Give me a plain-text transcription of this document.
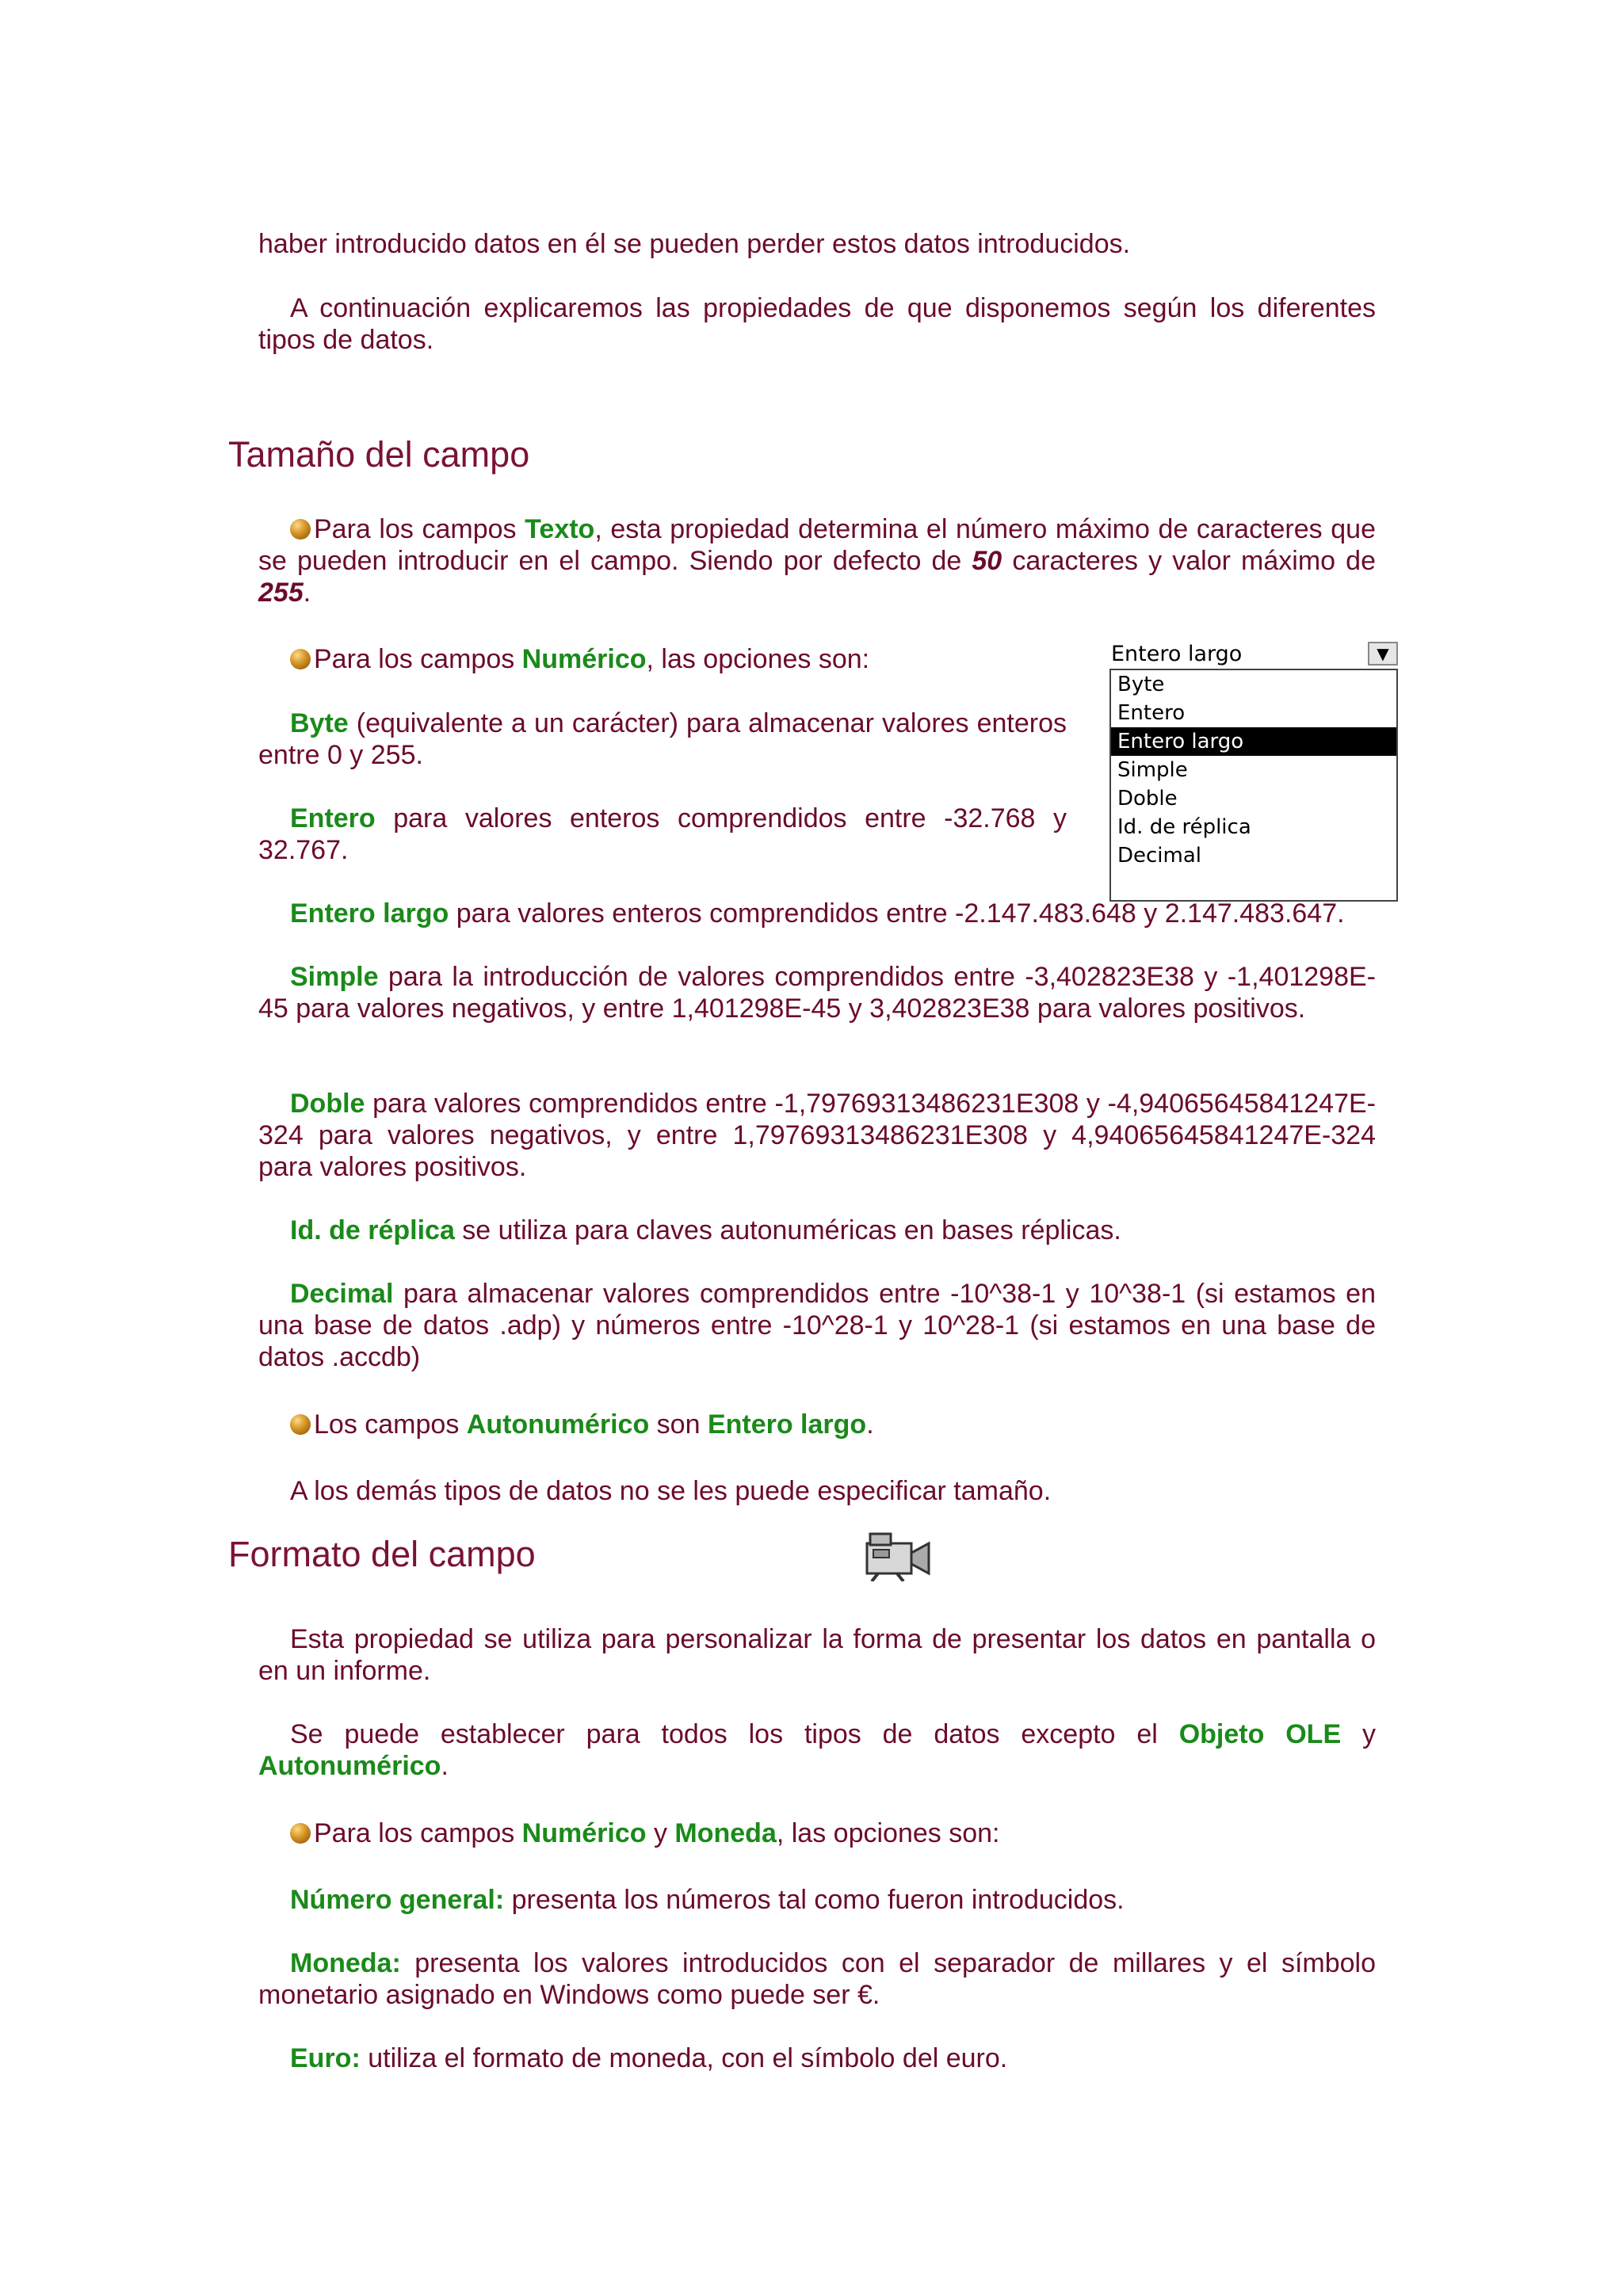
haber introducido datos en él se pueden perder estos datos introducidos.

A continuación explicaremos las propiedades de que disponemos según los diferentes tipos de datos.

Tamaño del campo

Para los campos Texto, esta propiedad determina el número máximo de caracteres que se pueden introducir en el campo. Siendo por defecto de 50 caracteres y valor máximo de 255.

Para los campos Numérico, las opciones son:

Byte (equivalente a un carácter) para almacenar valores enteros entre 0 y 255.

Entero para valores enteros comprendidos entre -32.768 y 32.767.

Entero largo para valores enteros comprendidos entre -2.147.483.648 y 2.147.483.647.

Simple para la introducción de valores comprendidos entre -3,402823E38 y -1,401298E-45 para valores negativos, y entre 1,401298E-45 y 3,402823E38 para valores positivos.

Doble para valores comprendidos entre -1,79769313486231E308 y -4,94065645841247E-324 para valores negativos, y entre 1,79769313486231E308 y 4,94065645841247E-324 para valores positivos.

Id. de réplica se utiliza para claves autonuméricas en bases réplicas.

Decimal para almacenar valores comprendidos entre -10^38-1 y 10^38-1 (si estamos en una base de datos .adp) y números entre -10^28-1 y 10^28-1 (si estamos en una base de datos .accdb)

Los campos Autonumérico son Entero largo.

A los demás tipos de datos no se les puede especificar tamaño.

Entero largo	▼
Byte
Entero
Entero largo
Simple
Doble
Id. de réplica
Decimal
Formato del campo

Esta propiedad se utiliza para personalizar la forma de presentar los datos en pantalla o en un informe.

Se puede establecer para todos los tipos de datos excepto el Objeto OLE y Autonumérico.

Para los campos Numérico y Moneda, las opciones son:

Número general: presenta los números tal como fueron introducidos.

Moneda: presenta los valores introducidos con el separador de millares y el símbolo monetario asignado en Windows como puede ser €.

Euro: utiliza el formato de moneda, con el símbolo del euro.
